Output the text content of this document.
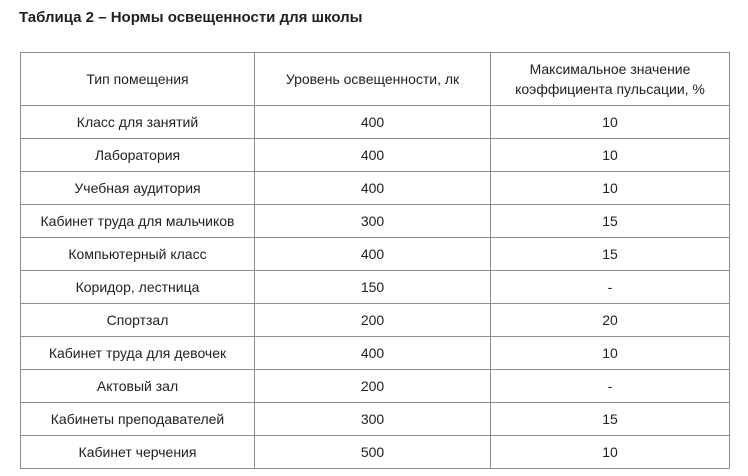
Таблица 2 – Нормы освещенности для школы
Тип помещения	Уровень освещенности, лк	Максимальное значение коэффициента пульсации, %
Класс для занятий	400	10
Лаборатория	400	10
Учебная аудитория	400	10
Кабинет труда для мальчиков	300	15
Компьютерный класс	400	15
Коридор, лестница	150	-
Спортзал	200	20
Кабинет труда для девочек	400	10
Актовый зал	200	-
Кабинеты преподавателей	300	15
Кабинет черчения	500	10
